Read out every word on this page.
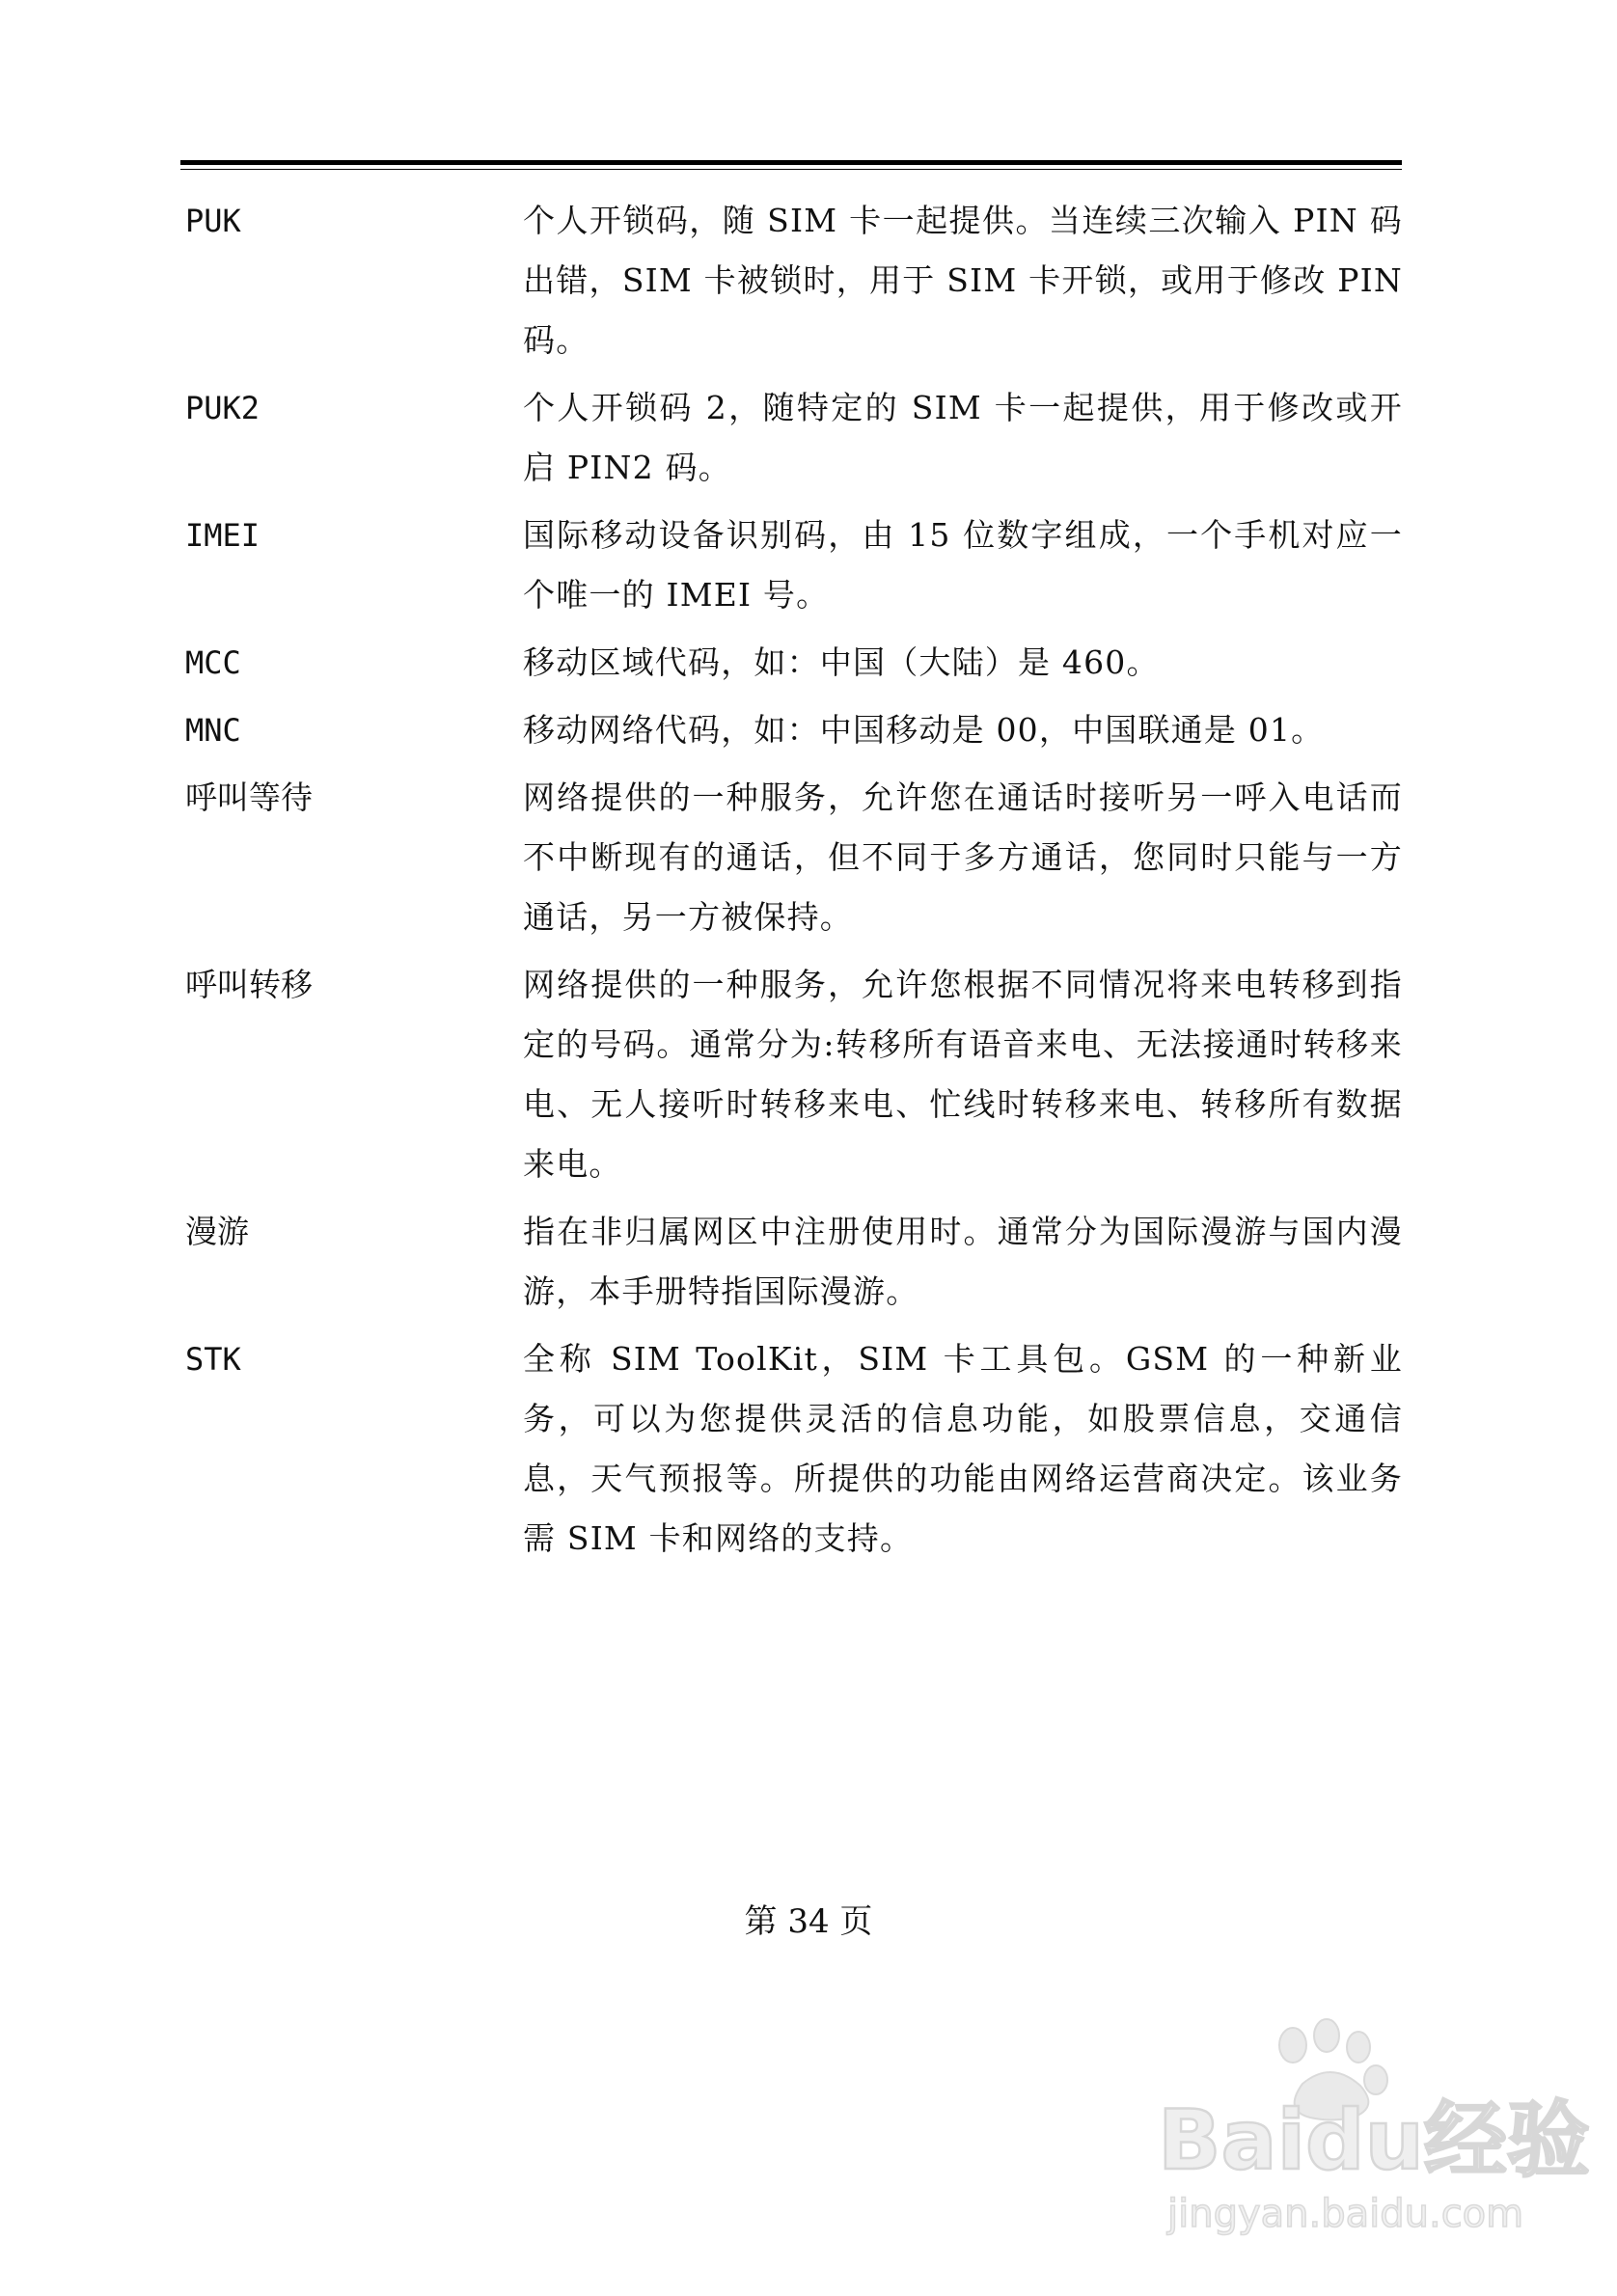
PUK	个人开锁码，随 SIM 卡一起提供。当连续三次输入 PIN 码出错，SIM 卡被锁时，用于 SIM 卡开锁，或用于修改 PIN 码。
PUK2	个人开锁码 2，随特定的 SIM 卡一起提供，用于修改或开启 PIN2 码。
IMEI	国际移动设备识别码，由 15 位数字组成，一个手机对应一个唯一的 IMEI 号。
MCC	移动区域代码，如：中国（大陆）是 460。
MNC	移动网络代码，如：中国移动是 00，中国联通是 01。
呼叫等待	网络提供的一种服务，允许您在通话时接听另一呼入电话而不中断现有的通话，但不同于多方通话，您同时只能与一方通话，另一方被保持。
呼叫转移	网络提供的一种服务，允许您根据不同情况将来电转移到指定的号码。通常分为:转移所有语音来电、无法接通时转移来电、无人接听时转移来电、忙线时转移来电、转移所有数据来电。
漫游	指在非归属网区中注册使用时。通常分为国际漫游与国内漫游，本手册特指国际漫游。
STK	全称 SIM ToolKit，SIM 卡工具包。GSM 的一种新业务，可以为您提供灵活的信息功能，如股票信息，交通信息，天气预报等。所提供的功能由网络运营商决定。该业务需 SIM 卡和网络的支持。
第 34 页
Baidu经验
jingyan.baidu.com
